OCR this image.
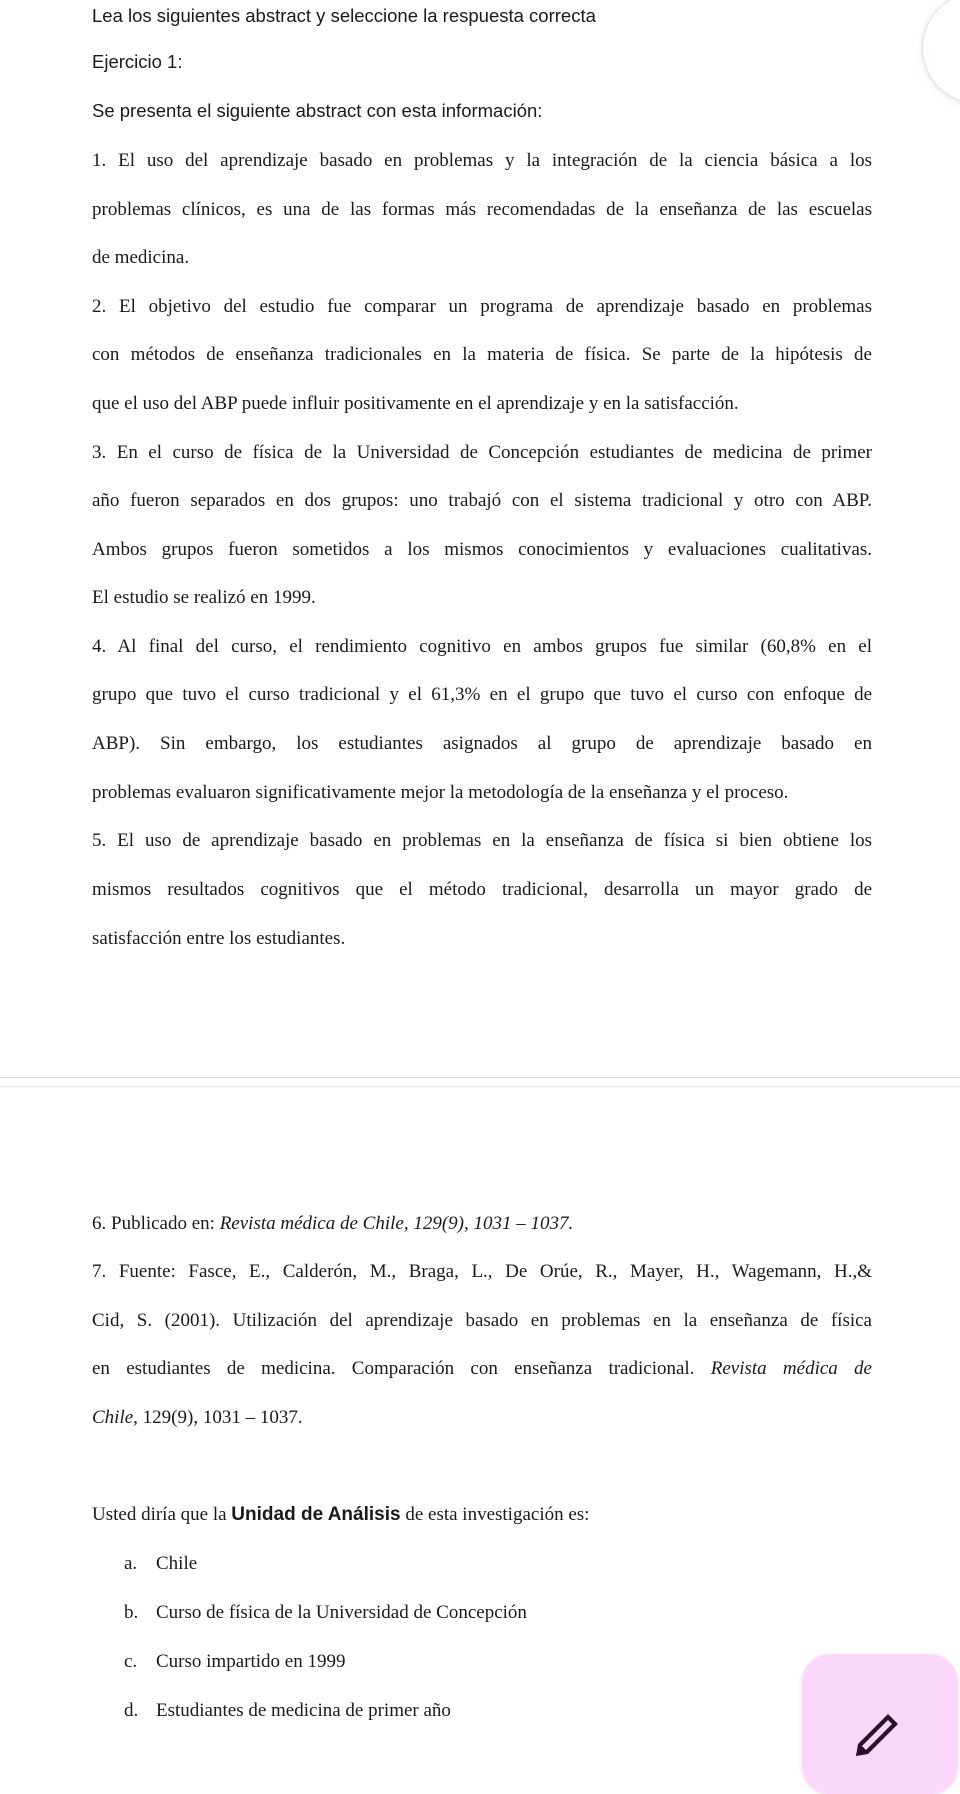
Lea los siguientes abstract y seleccione la respuesta correcta
Ejercicio 1:
Se presenta el siguiente abstract con esta información:
1. El uso del aprendizaje basado en problemas y la integración de la ciencia básica a los
problemas clínicos, es una de las formas más recomendadas de la enseñanza de las escuelas
de medicina.
2. El objetivo del estudio fue comparar un programa de aprendizaje basado en problemas
con métodos de enseñanza tradicionales en la materia de física. Se parte de la hipótesis de
que el uso del ABP puede influir positivamente en el aprendizaje y en la satisfacción.
3. En el curso de física de la Universidad de Concepción estudiantes de medicina de primer
año fueron separados en dos grupos: uno trabajó con el sistema tradicional y otro con ABP.
Ambos grupos fueron sometidos a los mismos conocimientos y evaluaciones cualitativas.
El estudio se realizó en 1999.
4. Al final del curso, el rendimiento cognitivo en ambos grupos fue similar (60,8% en el
grupo que tuvo el curso tradicional y el 61,3% en el grupo que tuvo el curso con enfoque de
ABP). Sin embargo, los estudiantes asignados al grupo de aprendizaje basado en
problemas evaluaron significativamente mejor la metodología de la enseñanza y el proceso.
5. El uso de aprendizaje basado en problemas en la enseñanza de física si bien obtiene los
mismos resultados cognitivos que el método tradicional, desarrolla un mayor grado de
satisfacción entre los estudiantes.
6. Publicado en: Revista médica de Chile, 129(9), 1031 – 1037.
7. Fuente: Fasce, E., Calderón, M., Braga, L., De Orúe, R., Mayer, H., Wagemann, H.,&
Cid, S. (2001). Utilización del aprendizaje basado en problemas en la enseñanza de física
en estudiantes de medicina. Comparación con enseñanza tradicional. Revista médica de
Chile, 129(9), 1031 – 1037.
Usted diría que la Unidad de Análisis de esta investigación es:
a. Chile
b. Curso de física de la Universidad de Concepción
c. Curso impartido en 1999
d. Estudiantes de medicina de primer año
